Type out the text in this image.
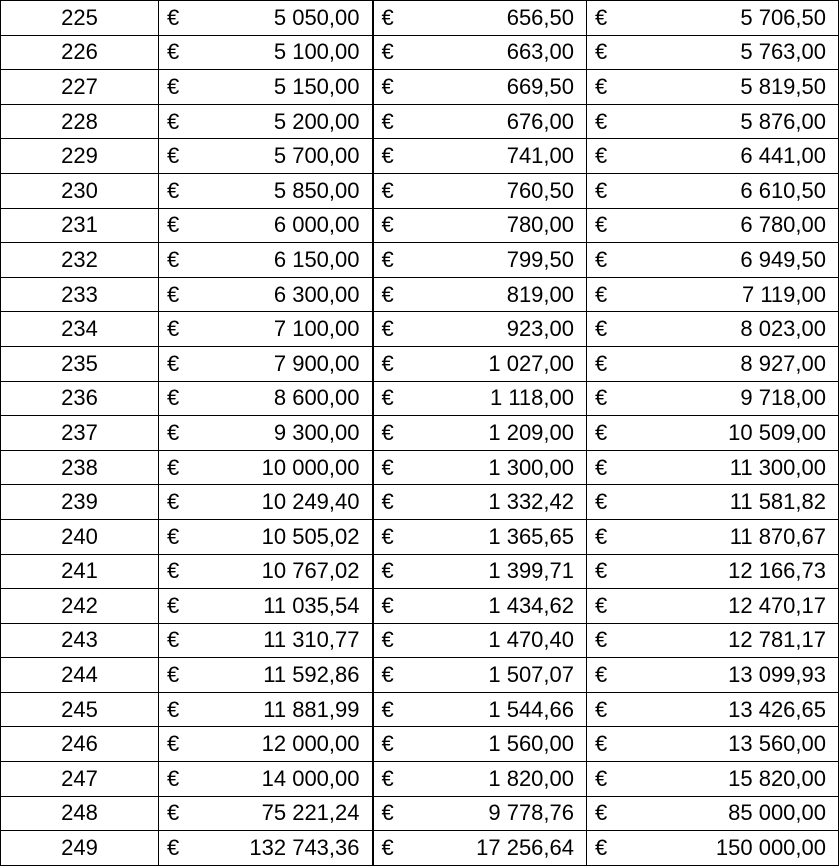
225	€	5 050,00	€	656,50	€	5 706,50
226	€	5 100,00	€	663,00	€	5 763,00
227	€	5 150,00	€	669,50	€	5 819,50
228	€	5 200,00	€	676,00	€	5 876,00
229	€	5 700,00	€	741,00	€	6 441,00
230	€	5 850,00	€	760,50	€	6 610,50
231	€	6 000,00	€	780,00	€	6 780,00
232	€	6 150,00	€	799,50	€	6 949,50
233	€	6 300,00	€	819,00	€	7 119,00
234	€	7 100,00	€	923,00	€	8 023,00
235	€	7 900,00	€	1 027,00	€	8 927,00
236	€	8 600,00	€	1 118,00	€	9 718,00
237	€	9 300,00	€	1 209,00	€	10 509,00
238	€	10 000,00	€	1 300,00	€	11 300,00
239	€	10 249,40	€	1 332,42	€	11 581,82
240	€	10 505,02	€	1 365,65	€	11 870,67
241	€	10 767,02	€	1 399,71	€	12 166,73
242	€	11 035,54	€	1 434,62	€	12 470,17
243	€	11 310,77	€	1 470,40	€	12 781,17
244	€	11 592,86	€	1 507,07	€	13 099,93
245	€	11 881,99	€	1 544,66	€	13 426,65
246	€	12 000,00	€	1 560,00	€	13 560,00
247	€	14 000,00	€	1 820,00	€	15 820,00
248	€	75 221,24	€	9 778,76	€	85 000,00
249	€	132 743,36	€	17 256,64	€	150 000,00
